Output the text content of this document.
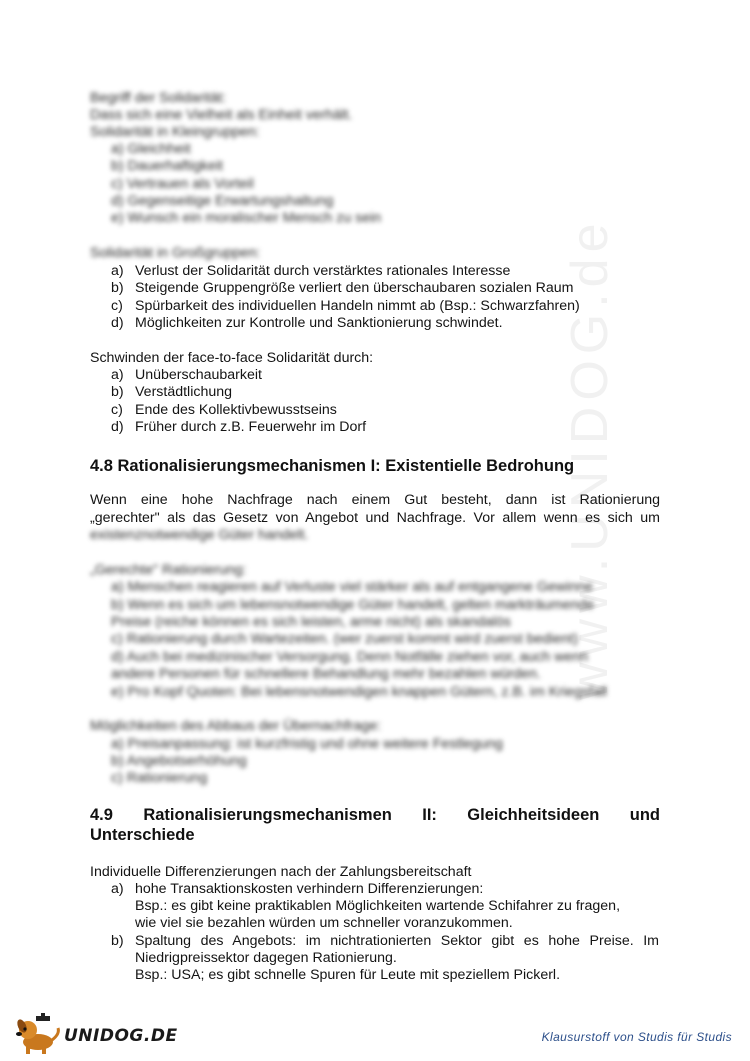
www.UNIDOG.de
Begriff der Solidarität:
Dass sich eine Vielheit als Einheit verhält.
Solidarität in Kleingruppen:
a) Gleichheit
b) Dauerhaftigkeit
c) Vertrauen als Vorteil
d) Gegenseitige Erwartungshaltung
e) Wunsch ein moralischer Mensch zu sein
Solidarität in Großgruppen:
a) Verlust der Solidarität durch verstärktes rationales Interesse
b) Steigende Gruppengröße verliert den überschaubaren sozialen Raum
c) Spürbarkeit des individuellen Handeln nimmt ab (Bsp.: Schwarzfahren)
d) Möglichkeiten zur Kontrolle und Sanktionierung schwindet.
Schwinden der face-to-face Solidarität durch:
a) Unüberschaubarkeit
b) Verstädtlichung
c) Ende des Kollektivbewusstseins
d) Früher durch z.B. Feuerwehr im Dorf
4.8 Rationalisierungsmechanismen I: Existentielle Bedrohung
Wenn eine hohe Nachfrage nach einem Gut besteht, dann ist Rationierung
„gerechter" als das Gesetz von Angebot und Nachfrage. Vor allem wenn es sich um
existenznotwendige Güter handelt.
„Gerechte" Rationierung:
a) Menschen reagieren auf Verluste viel stärker als auf entgangene Gewinne
b) Wenn es sich um lebensnotwendige Güter handelt, gelten markträumende
Preise (reiche können es sich leisten, arme nicht) als skandalös
c) Rationierung durch Wartezeiten. (wer zuerst kommt wird zuerst bedient)
d) Auch bei medizinischer Versorgung. Denn Notfälle ziehen vor, auch wenn
andere Personen für schnellere Behandlung mehr bezahlen würden.
e) Pro Kopf Quoten: Bei lebensnotwendigen knappen Gütern, z.B. im Kriegsfall
Möglichkeiten des Abbaus der Übernachfrage:
a) Preisanpassung: ist kurzfristig und ohne weitere Festlegung
b) Angebotserhöhung
c) Rationierung
4.9 Rationalisierungsmechanismen II: Gleichheitsideen und
Unterschiede
Individuelle Differenzierungen nach der Zahlungsbereitschaft
a) hohe Transaktionskosten verhindern Differenzierungen:
Bsp.: es gibt keine praktikablen Möglichkeiten wartende Schifahrer zu fragen,
wie viel sie bezahlen würden um schneller voranzukommen.
b) Spaltung des Angebots: im nichtrationierten Sektor gibt es hohe Preise. Im
Niedrigpreissektor dagegen Rationierung.
Bsp.: USA; es gibt schnelle Spuren für Leute mit speziellem Pickerl.
UNIDOG.DE	Klausurstoff von Studis für Studis
